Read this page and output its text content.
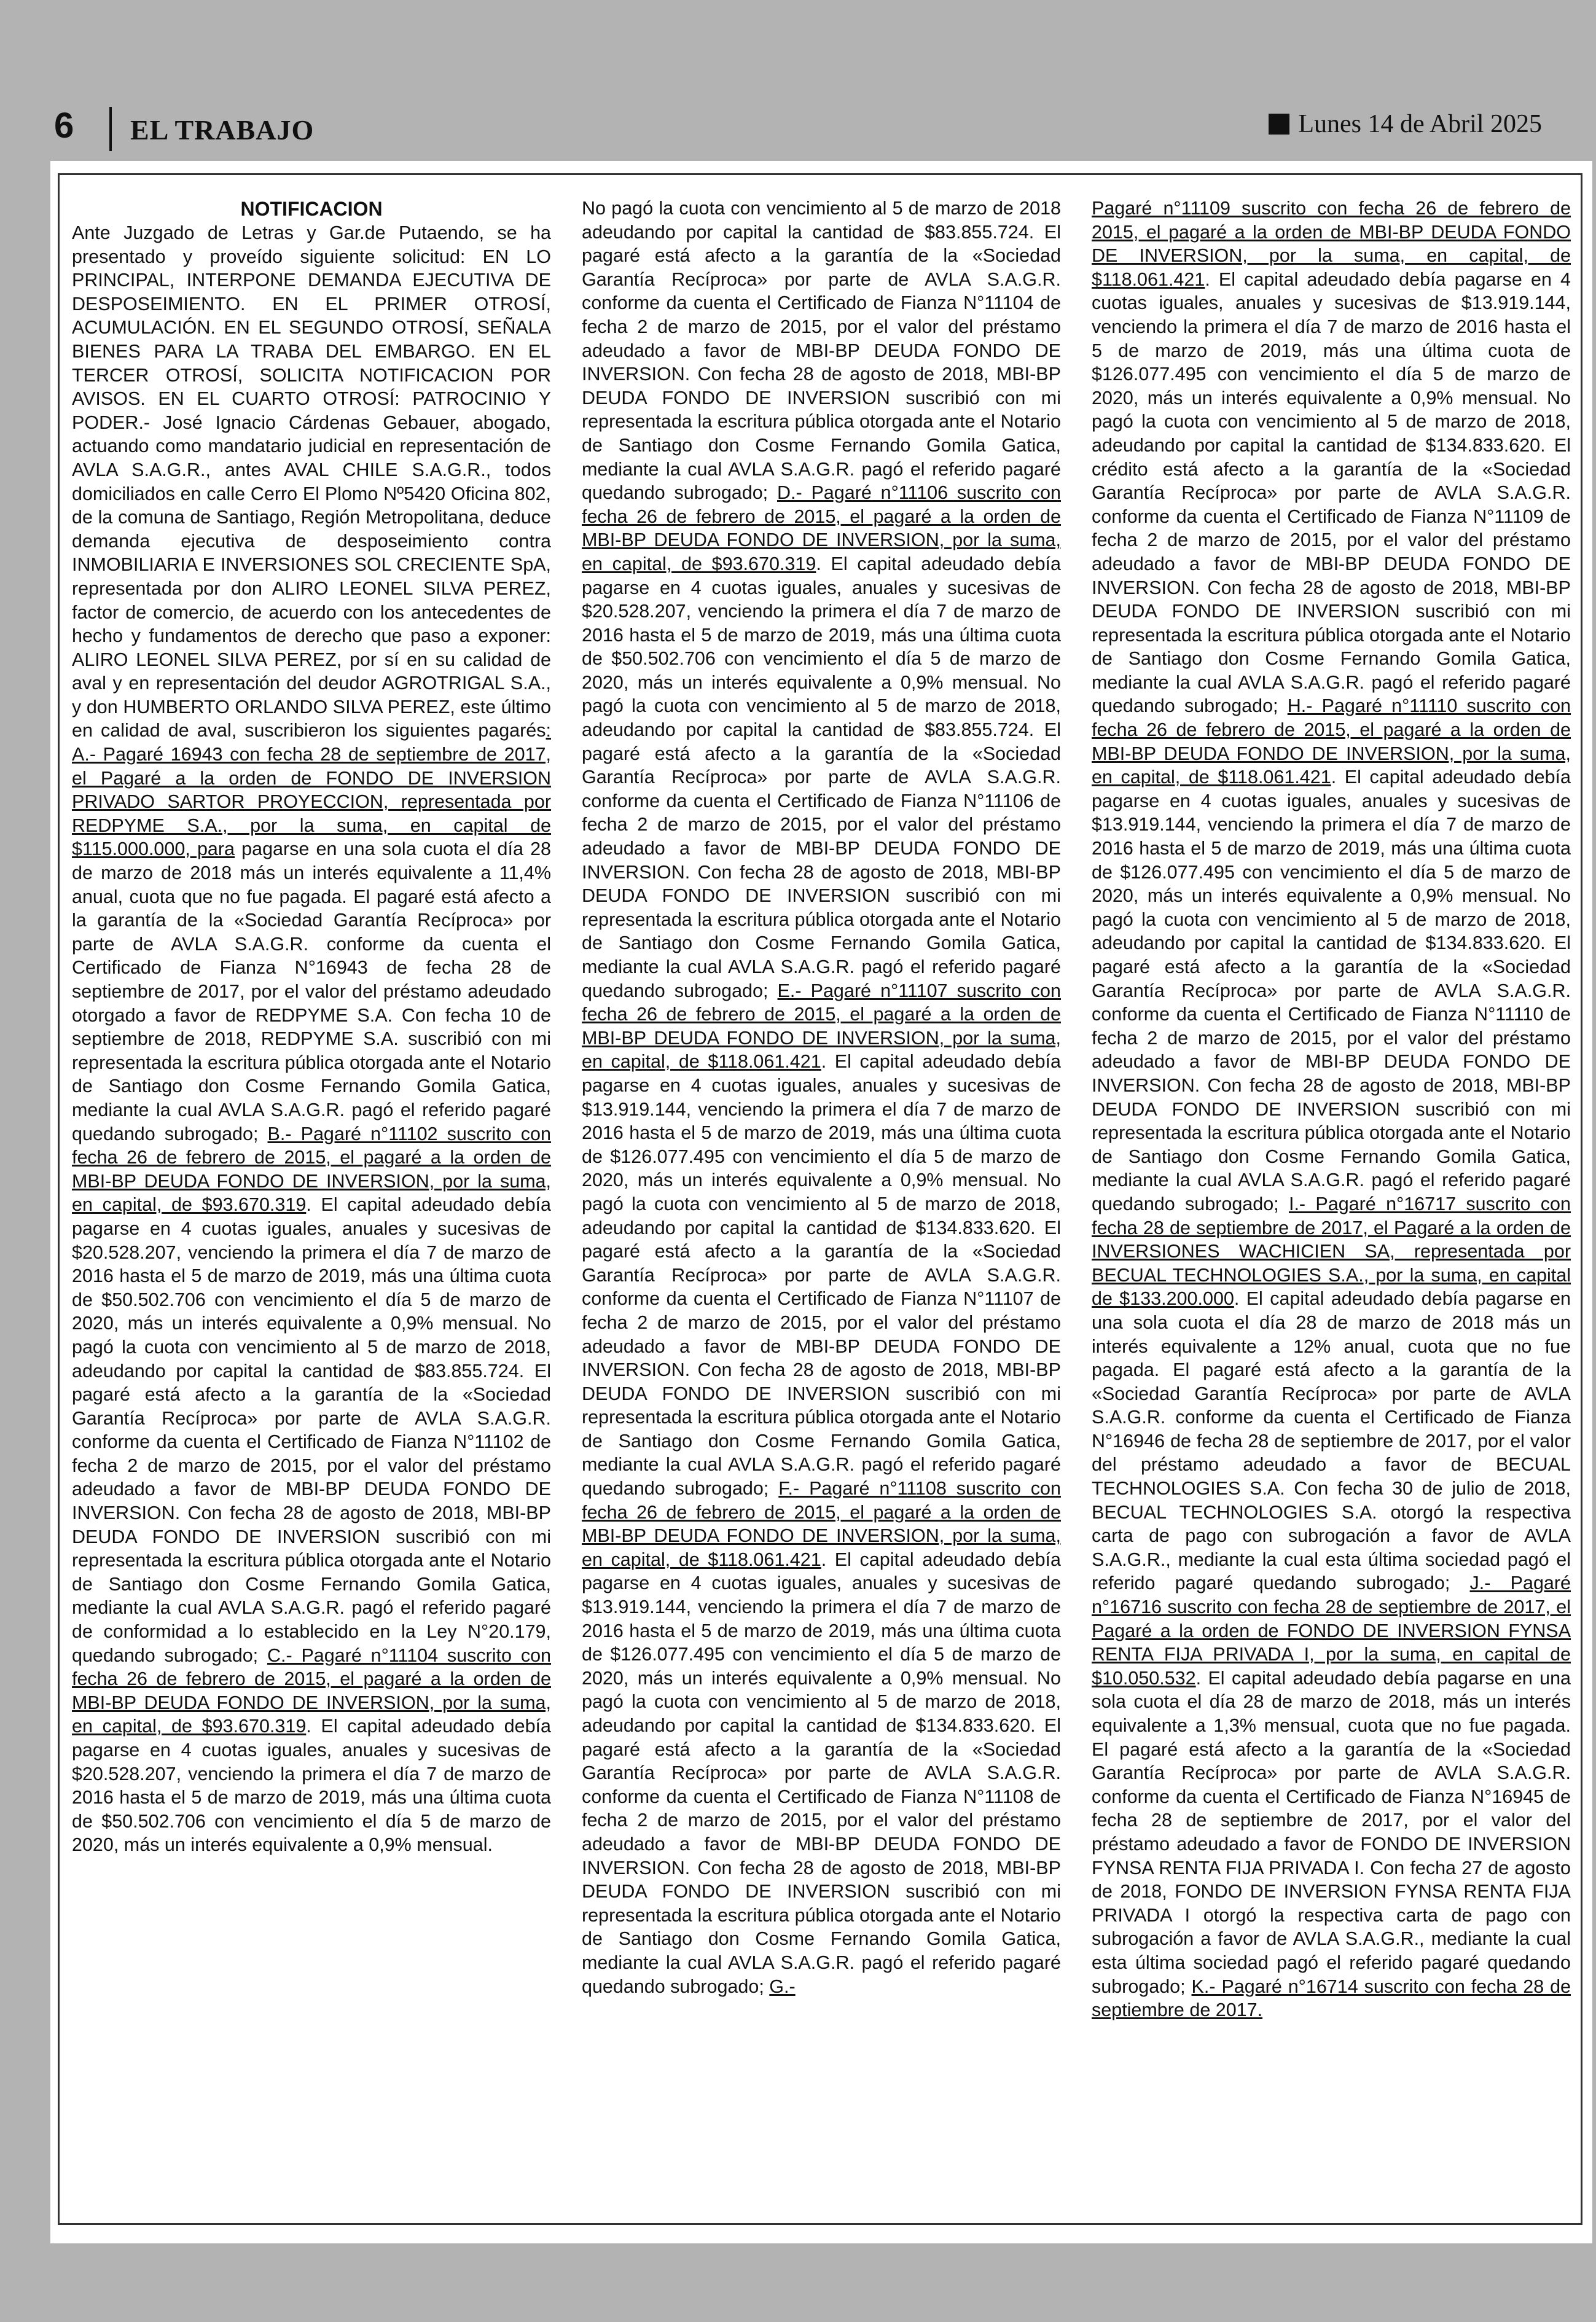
6 EL TRABAJO	Lunes 14 de Abril 2025

NOTIFICACION

Ante Juzgado de Letras y Gar.de Putaendo, se ha presentado y proveído siguiente solicitud: EN LO PRINCIPAL, INTERPONE DEMANDA EJECUTIVA DE DESPOSEIMIENTO. EN EL PRIMER OTROSÍ, ACUMULACIÓN. EN EL SEGUNDO OTROSÍ, SEÑALA BIENES PARA LA TRABA DEL EMBARGO. EN EL TERCER OTROSÍ, SOLICITA NOTIFICACION POR AVISOS. EN EL CUARTO OTROSÍ: PATROCINIO Y PODER.- José Ignacio Cárdenas Gebauer, abogado, actuando como mandatario judicial en representación de AVLA S.A.G.R., antes AVAL CHILE S.A.G.R., todos domiciliados en calle Cerro El Plomo Nº5420 Oficina 802, de la comuna de Santiago, Región Metropolitana, deduce demanda ejecutiva de desposeimiento contra INMOBILIARIA E INVERSIONES SOL CRECIENTE SpA, representada por don ALIRO LEONEL SILVA PEREZ, factor de comercio, de acuerdo con los antecedentes de hecho y fundamentos de derecho que paso a exponer: ALIRO LEONEL SILVA PEREZ, por sí en su calidad de aval y en representación del deudor AGROTRIGAL S.A., y don HUMBERTO ORLANDO SILVA PEREZ, este último en calidad de aval, suscribieron los siguientes pagarés: A.- Pagaré 16943 con fecha 28 de septiembre de 2017, el Pagaré a la orden de FONDO DE INVERSION PRIVADO SARTOR PROYECCION, representada por REDPYME S.A., por la suma, en capital de $115.000.000, para pagarse en una sola cuota el día 28 de marzo de 2018 más un interés equivalente a 11,4% anual, cuota que no fue pagada. El pagaré está afecto a la garantía de la «Sociedad Garantía Recíproca» por parte de AVLA S.A.G.R. conforme da cuenta el Certificado de Fianza N°16943 de fecha 28 de septiembre de 2017, por el valor del préstamo adeudado otorgado a favor de REDPYME S.A. Con fecha 10 de septiembre de 2018, REDPYME S.A. suscribió con mi representada la escritura pública otorgada ante el Notario de Santiago don Cosme Fernando Gomila Gatica, mediante la cual AVLA S.A.G.R. pagó el referido pagaré quedando subrogado; B.- Pagaré n°11102 suscrito con fecha 26 de febrero de 2015, el pagaré a la orden de MBI-BP DEUDA FONDO DE INVERSION, por la suma, en capital, de $93.670.319. El capital adeudado debía pagarse en 4 cuotas iguales, anuales y sucesivas de $20.528.207, venciendo la primera el día 7 de marzo de 2016 hasta el 5 de marzo de 2019, más una última cuota de $50.502.706 con vencimiento el día 5 de marzo de 2020, más un interés equivalente a 0,9% mensual. No pagó la cuota con vencimiento al 5 de marzo de 2018, adeudando por capital la cantidad de $83.855.724. El pagaré está afecto a la garantía de la «Sociedad Garantía Recíproca» por parte de AVLA S.A.G.R. conforme da cuenta el Certificado de Fianza N°11102 de fecha 2 de marzo de 2015, por el valor del préstamo adeudado a favor de MBI-BP DEUDA FONDO DE INVERSION. Con fecha 28 de agosto de 2018, MBI-BP DEUDA FONDO DE INVERSION suscribió con mi representada la escritura pública otorgada ante el Notario de Santiago don Cosme Fernando Gomila Gatica, mediante la cual AVLA S.A.G.R. pagó el referido pagaré de conformidad a lo establecido en la Ley N°20.179, quedando subrogado; C.- Pagaré n°11104 suscrito con fecha 26 de febrero de 2015, el pagaré a la orden de MBI-BP DEUDA FONDO DE INVERSION, por la suma, en capital, de $93.670.319. El capital adeudado debía pagarse en 4 cuotas iguales, anuales y sucesivas de $20.528.207, venciendo la primera el día 7 de marzo de 2016 hasta el 5 de marzo de 2019, más una última cuota de $50.502.706 con vencimiento el día 5 de marzo de 2020, más un interés equivalente a 0,9% mensual.

No pagó la cuota con vencimiento al 5 de marzo de 2018 adeudando por capital la cantidad de $83.855.724. El pagaré está afecto a la garantía de la «Sociedad Garantía Recíproca» por parte de AVLA S.A.G.R. conforme da cuenta el Certificado de Fianza N°11104 de fecha 2 de marzo de 2015, por el valor del préstamo adeudado a favor de MBI-BP DEUDA FONDO DE INVERSION. Con fecha 28 de agosto de 2018, MBI-BP DEUDA FONDO DE INVERSION suscribió con mi representada la escritura pública otorgada ante el Notario de Santiago don Cosme Fernando Gomila Gatica, mediante la cual AVLA S.A.G.R. pagó el referido pagaré quedando subrogado; D.- Pagaré n°11106 suscrito con fecha 26 de febrero de 2015, el pagaré a la orden de MBI-BP DEUDA FONDO DE INVERSION, por la suma, en capital, de $93.670.319. El capital adeudado debía pagarse en 4 cuotas iguales, anuales y sucesivas de $20.528.207, venciendo la primera el día 7 de marzo de 2016 hasta el 5 de marzo de 2019, más una última cuota de $50.502.706 con vencimiento el día 5 de marzo de 2020, más un interés equivalente a 0,9% mensual. No pagó la cuota con vencimiento al 5 de marzo de 2018, adeudando por capital la cantidad de $83.855.724. El pagaré está afecto a la garantía de la «Sociedad Garantía Recíproca» por parte de AVLA S.A.G.R. conforme da cuenta el Certificado de Fianza N°11106 de fecha 2 de marzo de 2015, por el valor del préstamo adeudado a favor de MBI-BP DEUDA FONDO DE INVERSION. Con fecha 28 de agosto de 2018, MBI-BP DEUDA FONDO DE INVERSION suscribió con mi representada la escritura pública otorgada ante el Notario de Santiago don Cosme Fernando Gomila Gatica, mediante la cual AVLA S.A.G.R. pagó el referido pagaré quedando subrogado; E.- Pagaré n°11107 suscrito con fecha 26 de febrero de 2015, el pagaré a la orden de MBI-BP DEUDA FONDO DE INVERSION, por la suma, en capital, de $118.061.421. El capital adeudado debía pagarse en 4 cuotas iguales, anuales y sucesivas de $13.919.144, venciendo la primera el día 7 de marzo de 2016 hasta el 5 de marzo de 2019, más una última cuota de $126.077.495 con vencimiento el día 5 de marzo de 2020, más un interés equivalente a 0,9% mensual. No pagó la cuota con vencimiento al 5 de marzo de 2018, adeudando por capital la cantidad de $134.833.620. El pagaré está afecto a la garantía de la «Sociedad Garantía Recíproca» por parte de AVLA S.A.G.R. conforme da cuenta el Certificado de Fianza N°11107 de fecha 2 de marzo de 2015, por el valor del préstamo adeudado a favor de MBI-BP DEUDA FONDO DE INVERSION. Con fecha 28 de agosto de 2018, MBI-BP DEUDA FONDO DE INVERSION suscribió con mi representada la escritura pública otorgada ante el Notario de Santiago don Cosme Fernando Gomila Gatica, mediante la cual AVLA S.A.G.R. pagó el referido pagaré quedando subrogado; F.- Pagaré n°11108 suscrito con fecha 26 de febrero de 2015, el pagaré a la orden de MBI-BP DEUDA FONDO DE INVERSION, por la suma, en capital, de $118.061.421. El capital adeudado debía pagarse en 4 cuotas iguales, anuales y sucesivas de $13.919.144, venciendo la primera el día 7 de marzo de 2016 hasta el 5 de marzo de 2019, más una última cuota de $126.077.495 con vencimiento el día 5 de marzo de 2020, más un interés equivalente a 0,9% mensual. No pagó la cuota con vencimiento al 5 de marzo de 2018, adeudando por capital la cantidad de $134.833.620. El pagaré está afecto a la garantía de la «Sociedad Garantía Recíproca» por parte de AVLA S.A.G.R. conforme da cuenta el Certificado de Fianza N°11108 de fecha 2 de marzo de 2015, por el valor del préstamo adeudado a favor de MBI-BP DEUDA FONDO DE INVERSION. Con fecha 28 de agosto de 2018, MBI-BP DEUDA FONDO DE INVERSION suscribió con mi representada la escritura pública otorgada ante el Notario de Santiago don Cosme Fernando Gomila Gatica, mediante la cual AVLA S.A.G.R. pagó el referido pagaré quedando subrogado; G.-

Pagaré n°11109 suscrito con fecha 26 de febrero de 2015, el pagaré a la orden de MBI-BP DEUDA FONDO DE INVERSION, por la suma, en capital, de $118.061.421. El capital adeudado debía pagarse en 4 cuotas iguales, anuales y sucesivas de $13.919.144, venciendo la primera el día 7 de marzo de 2016 hasta el 5 de marzo de 2019, más una última cuota de $126.077.495 con vencimiento el día 5 de marzo de 2020, más un interés equivalente a 0,9% mensual. No pagó la cuota con vencimiento al 5 de marzo de 2018, adeudando por capital la cantidad de $134.833.620. El crédito está afecto a la garantía de la «Sociedad Garantía Recíproca» por parte de AVLA S.A.G.R. conforme da cuenta el Certificado de Fianza N°11109 de fecha 2 de marzo de 2015, por el valor del préstamo adeudado a favor de MBI-BP DEUDA FONDO DE INVERSION. Con fecha 28 de agosto de 2018, MBI-BP DEUDA FONDO DE INVERSION suscribió con mi representada la escritura pública otorgada ante el Notario de Santiago don Cosme Fernando Gomila Gatica, mediante la cual AVLA S.A.G.R. pagó el referido pagaré quedando subrogado; H.- Pagaré n°11110 suscrito con fecha 26 de febrero de 2015, el pagaré a la orden de MBI-BP DEUDA FONDO DE INVERSION, por la suma, en capital, de $118.061.421. El capital adeudado debía pagarse en 4 cuotas iguales, anuales y sucesivas de $13.919.144, venciendo la primera el día 7 de marzo de 2016 hasta el 5 de marzo de 2019, más una última cuota de $126.077.495 con vencimiento el día 5 de marzo de 2020, más un interés equivalente a 0,9% mensual. No pagó la cuota con vencimiento al 5 de marzo de 2018, adeudando por capital la cantidad de $134.833.620. El pagaré está afecto a la garantía de la «Sociedad Garantía Recíproca» por parte de AVLA S.A.G.R. conforme da cuenta el Certificado de Fianza N°11110 de fecha 2 de marzo de 2015, por el valor del préstamo adeudado a favor de MBI-BP DEUDA FONDO DE INVERSION. Con fecha 28 de agosto de 2018, MBI-BP DEUDA FONDO DE INVERSION suscribió con mi representada la escritura pública otorgada ante el Notario de Santiago don Cosme Fernando Gomila Gatica, mediante la cual AVLA S.A.G.R. pagó el referido pagaré quedando subrogado; I.- Pagaré n°16717 suscrito con fecha 28 de septiembre de 2017, el Pagaré a la orden de INVERSIONES WACHICIEN SA, representada por BECUAL TECHNOLOGIES S.A., por la suma, en capital de $133.200.000. El capital adeudado debía pagarse en una sola cuota el día 28 de marzo de 2018 más un interés equivalente a 12% anual, cuota que no fue pagada. El pagaré está afecto a la garantía de la «Sociedad Garantía Recíproca» por parte de AVLA S.A.G.R. conforme da cuenta el Certificado de Fianza N°16946 de fecha 28 de septiembre de 2017, por el valor del préstamo adeudado a favor de BECUAL TECHNOLOGIES S.A. Con fecha 30 de julio de 2018, BECUAL TECHNOLOGIES S.A. otorgó la respectiva carta de pago con subrogación a favor de AVLA S.A.G.R., mediante la cual esta última sociedad pagó el referido pagaré quedando subrogado; J.- Pagaré n°16716 suscrito con fecha 28 de septiembre de 2017, el Pagaré a la orden de FONDO DE INVERSION FYNSA RENTA FIJA PRIVADA I, por la suma, en capital de $10.050.532. El capital adeudado debía pagarse en una sola cuota el día 28 de marzo de 2018, más un interés equivalente a 1,3% mensual, cuota que no fue pagada. El pagaré está afecto a la garantía de la «Sociedad Garantía Recíproca» por parte de AVLA S.A.G.R. conforme da cuenta el Certificado de Fianza N°16945 de fecha 28 de septiembre de 2017, por el valor del préstamo adeudado a favor de FONDO DE INVERSION FYNSA RENTA FIJA PRIVADA I. Con fecha 27 de agosto de 2018, FONDO DE INVERSION FYNSA RENTA FIJA PRIVADA I otorgó la respectiva carta de pago con subrogación a favor de AVLA S.A.G.R., mediante la cual esta última sociedad pagó el referido pagaré quedando subrogado; K.- Pagaré n°16714 suscrito con fecha 28 de septiembre de 2017.
